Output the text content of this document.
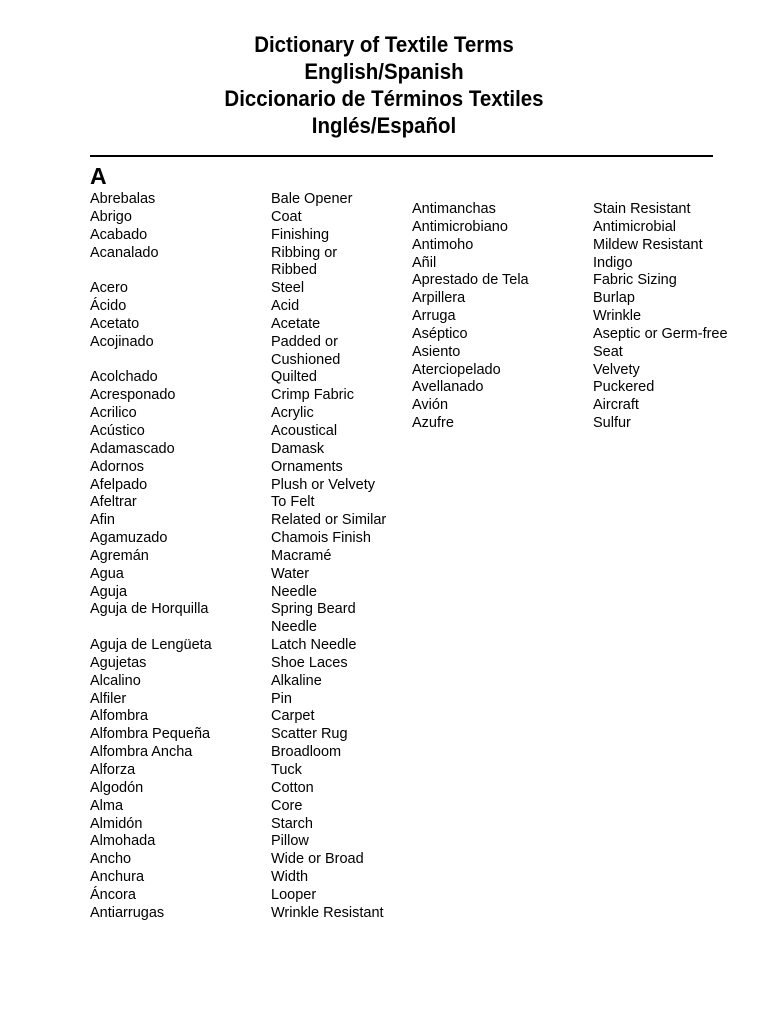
Dictionary of Textile Terms
English/Spanish
Diccionario de Términos Textiles
Inglés/Español
A
Abrebalas
Abrigo
Acabado
Acanalado
Acero
Ácido
Acetato
Acojinado
Acolchado
Acresponado
Acrilico
Acústico
Adamascado
Adornos
Afelpado
Afeltrar
Afin
Agamuzado
Agremán
Agua
Aguja
Aguja de Horquilla
Aguja de Lengüeta
Agujetas
Alcalino
Alfiler
Alfombra
Alfombra Pequeña
Alfombra Ancha
Alforza
Algodón
Alma
Almidón
Almohada
Ancho
Anchura
Áncora
Antiarrugas
Bale Opener
Coat
Finishing
Ribbing or
Ribbed
Steel
Acid
Acetate
Padded or
Cushioned
Quilted
Crimp Fabric
Acrylic
Acoustical
Damask
Ornaments
Plush or Velvety
To Felt
Related or Similar
Chamois Finish
Macramé
Water
Needle
Spring Beard
Needle
Latch Needle
Shoe Laces
Alkaline
Pin
Carpet
Scatter Rug
Broadloom
Tuck
Cotton
Core
Starch
Pillow
Wide or Broad
Width
Looper
Wrinkle Resistant
Antimanchas
Antimicrobiano
Antimoho
Añil
Aprestado de Tela
Arpillera
Arruga
Aséptico
Asiento
Aterciopelado
Avellanado
Avión
Azufre
Stain Resistant
Antimicrobial
Mildew Resistant
Indigo
Fabric Sizing
Burlap
Wrinkle
Aseptic or Germ-free
Seat
Velvety
Puckered
Aircraft
Sulfur
